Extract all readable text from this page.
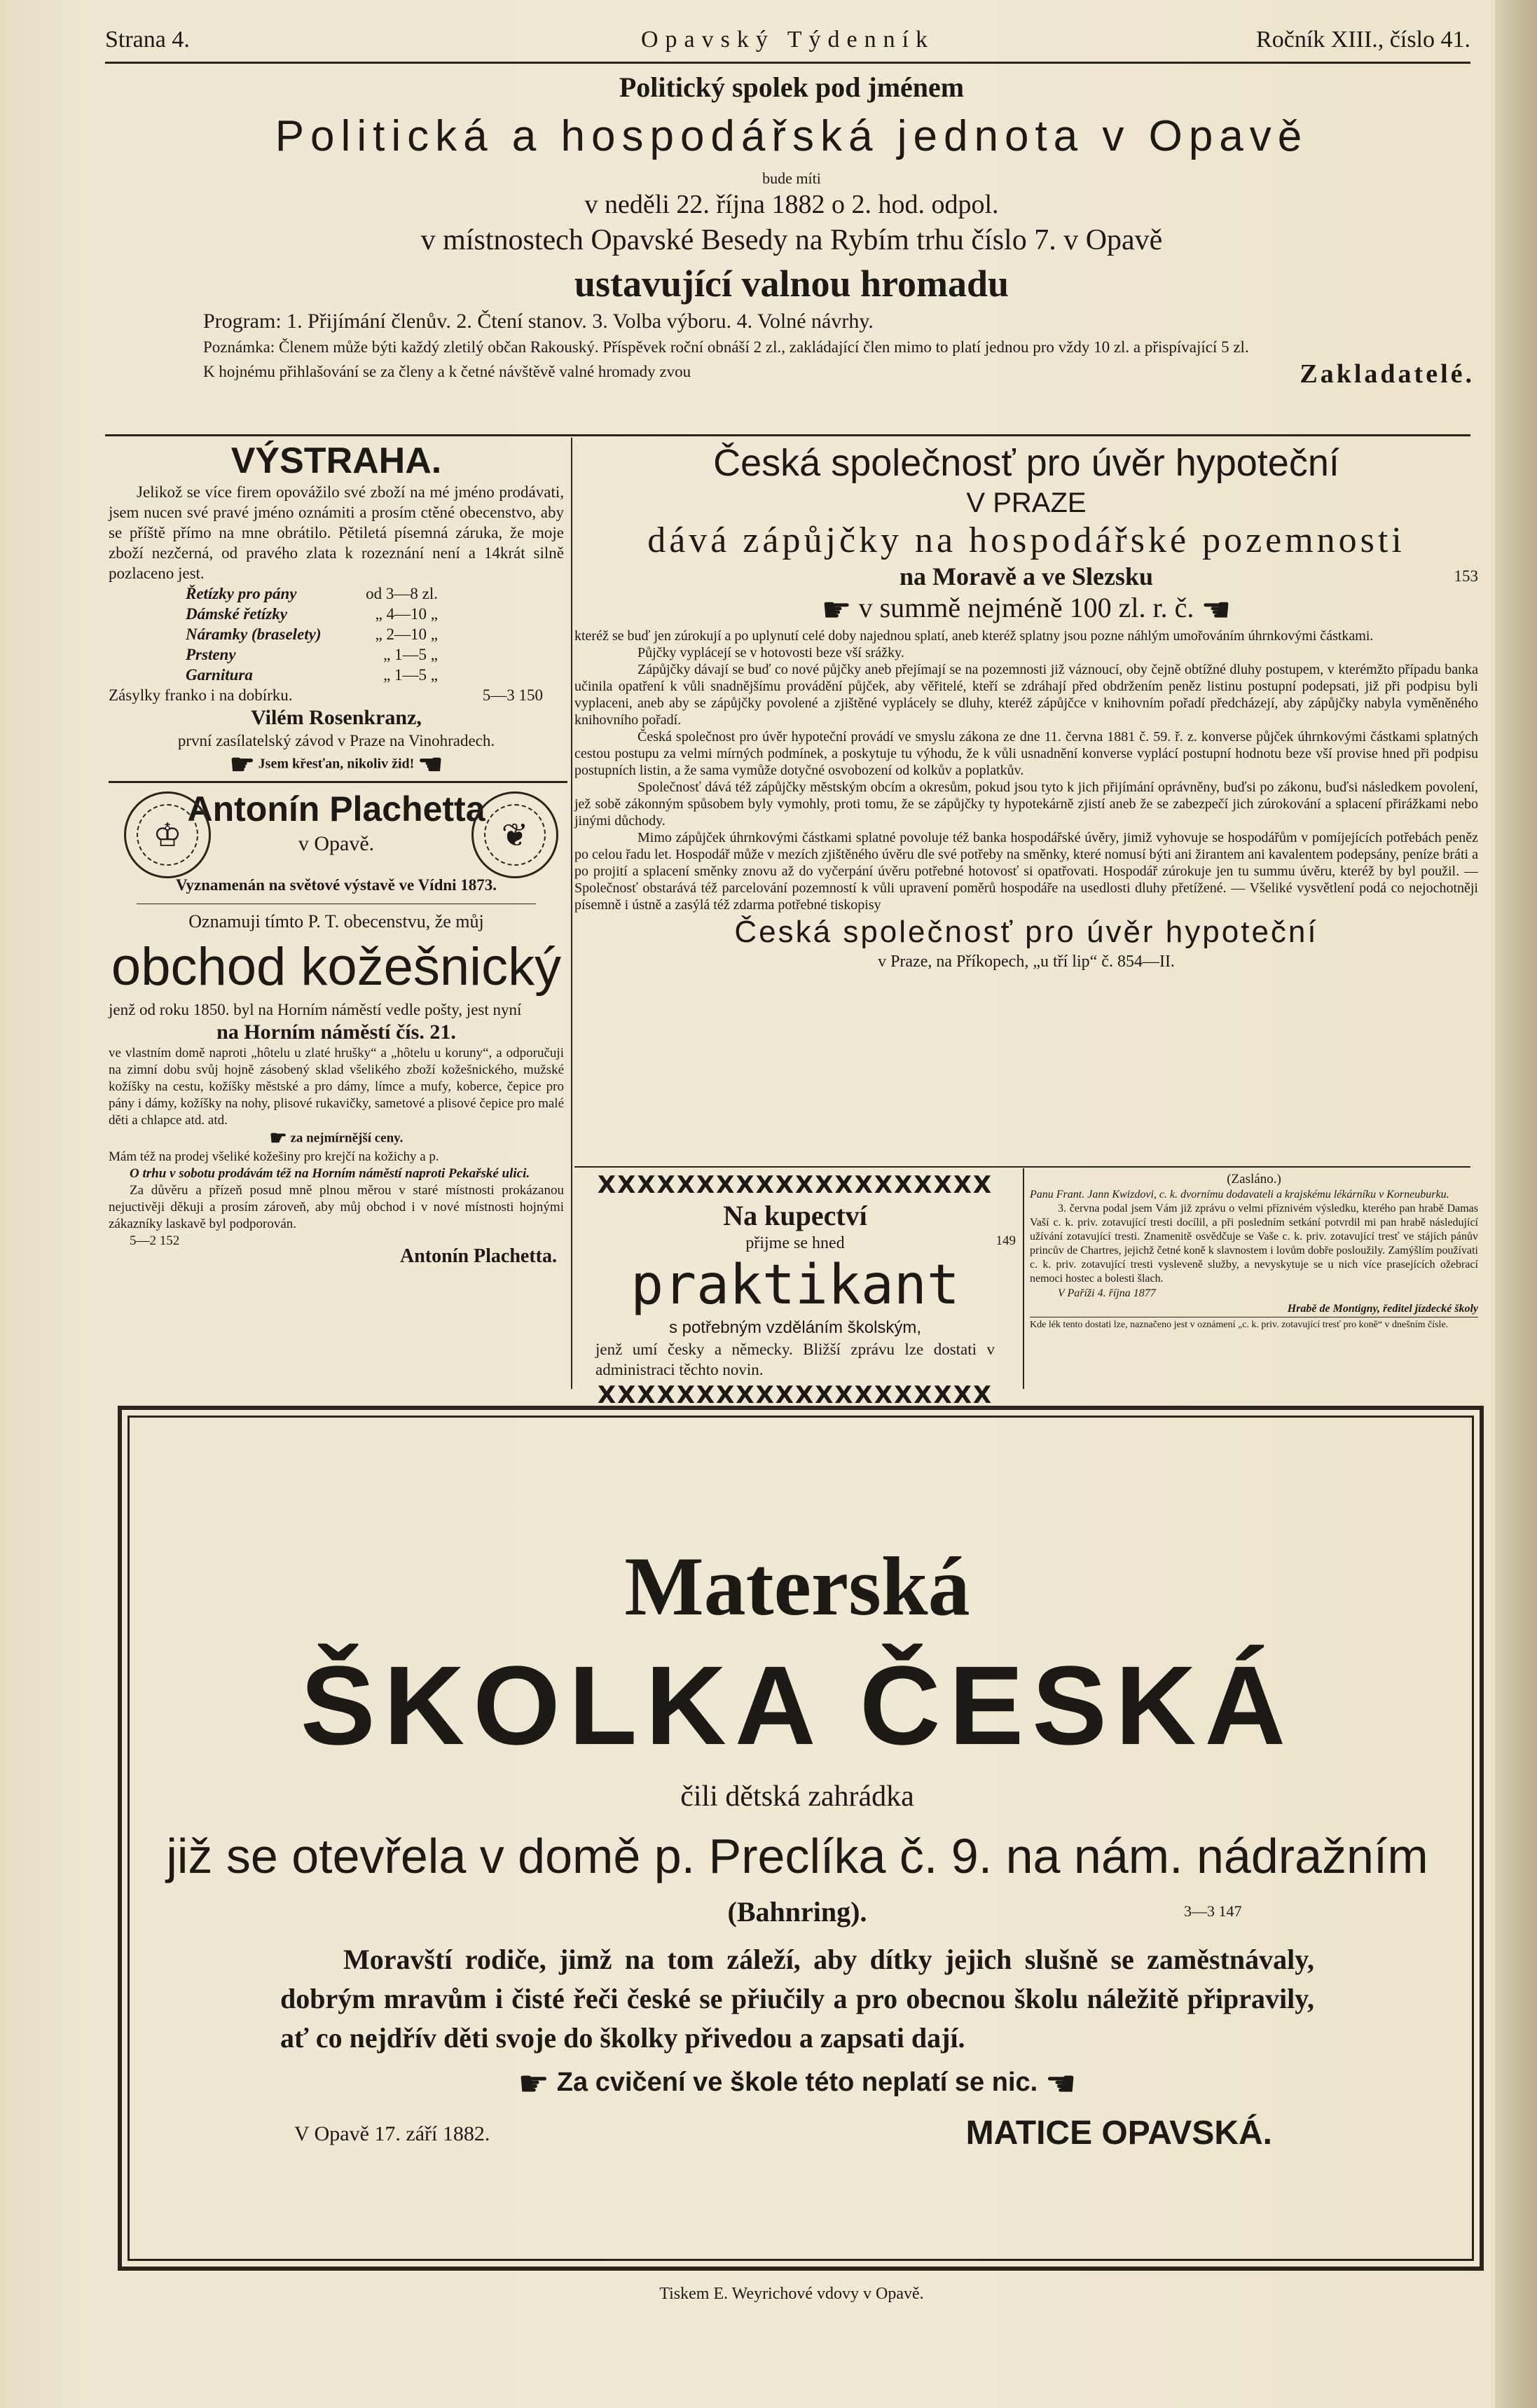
Strana 4.	Opavský Týdenník	Ročník XIII., číslo 41.
Politický spolek pod jménem
Politická a hospodářská jednota v Opavě
bude míti
v neděli 22. října 1882 o 2. hod. odpol.
v místnostech Opavské Besedy na Rybím trhu číslo 7. v Opavě
ustavující valnou hromadu
Program: 1. Přijímání členův. 2. Čtení stanov. 3. Volba výboru. 4. Volné návrhy.

Poznámka: Členem může býti každý zletilý občan Rakouský. Příspěvek roční obnáší 2 zl., zakládající člen mimo to platí jednou pro vždy 10 zl. a přispívající 5 zl.

K hojnému přihlašování se za členy a k četné návštěvě valné hromady zvou	Zakladatelé.
VÝSTRAHA.

Jelikož se více firem opovážilo své zboží na mé jméno prodávati, jsem nucen své pravé jméno oznámiti a prosím ctěné obecenstvo, aby se příště přímo na mne obrátilo. Pětiletá písemná záruka, že moje zboží nezčerná, od pravého zlata k rozeznání není a 14krát silně pozlaceno jest.

Řetízky pro pány	od 3—8 zl.
Dámské řetízky	„ 4—10 „
Náramky (braselety)	„ 2—10 „
Prsteny	„ 1—5 „
Garnitura	„ 1—5 „
Zásylky franko i na dobírku.	5—3 150
Vilém Rosenkranz,
první zasílatelský závod v Praze na Vinohradech.
☛ Jsem křesťan, nikoliv žid! ☚
♔	❦
Antonín Plachetta
v Opavě.
Vyznamenán na světové výstavě ve Vídni 1873.
Oznamuji tímto P. T. obecenstvu, že můj
obchod kožešnický

jenž od roku 1850. byl na Horním náměstí vedle pošty, jest nyní

na Horním náměstí čís. 21.

ve vlastním domě naproti „hôtelu u zlaté hrušky“ a „hôtelu u koruny“, a odporučuji na zimní dobu svůj hojně zásobený sklad všelikého zboží kožešnického, mužské kožíšky na cestu, kožíšky městské a pro dámy, límce a mufy, koberce, čepice pro pány i dámy, kožíšky na nohy, plisové rukavičky, sametové a plisové čepice pro malé děti a chlapce atd. atd.

☛ za nejmírnější ceny.

Mám též na prodej všeliké kožešiny pro krejčí na kožichy a p.

O trhu v sobotu prodávám též na Horním náměstí naproti Pekařské ulici.

Za důvěru a přízeň posud mně plnou měrou v staré místnosti prokázanou nejuctivěji děkuji a prosím zároveň, aby můj obchod i v nové místnosti hojnými zákazníky laskavě byl podporován.

5—2 152
Antonín Plachetta.
Česká společnosť pro úvěr hypoteční
V PRAZE
dává zápůjčky na hospodářské pozemnosti
na Moravě a ve Slezsku	153
☛ v summě nejméně 100 zl. r. č. ☚

kteréž se buď jen zúrokují a po uplynutí celé doby najednou splatí, aneb kteréž splatny jsou pozne náhlým umořováním úhrnkovými částkami.

Půjčky vyplácejí se v hotovosti beze vší srážky.

Zápůjčky dávají se buď co nové půjčky aneb přejímají se na pozemnosti již váznoucí, oby čejně obtížné dluhy postupem, v kterémžto případu banka učinila opatření k vůli snadnějšímu provádění půjček, aby věřitelé, kteří se zdráhají před obdržením peněz listinu postupní podepsati, již při podpisu byli vyplaceni, aneb aby se zápůjčky povolené a zjištěné vyplácely se dluhy, kteréž zápůjčce v knihovním pořadí předcházejí, aby zápůjčky nabyla vyměněného knihovního pořadí.

Česká společnost pro úvěr hypoteční provádí ve smyslu zákona ze dne 11. června 1881 č. 59. ř. z. konverse půjček úhrnkovými částkami splatných cestou postupu za velmi mírných podmínek, a poskytuje tu výhodu, že k vůli usnadnění konverse vyplácí postupní hodnotu beze vší provise hned při podpisu postupních listin, a že sama vymůže dotyčné osvobození od kolkův a poplatkův.

Společnosť dává též zápůjčky městským obcím a okresům, pokud jsou tyto k jich přijímání oprávněny, buďsi po zákonu, buďsi následkem povolení, jež sobě zákonným spůsobem byly vymohly, proti tomu, že se zápůjčky ty hypotekárně zjistí aneb že se zabezpečí jich zúrokování a splacení přirážkami nebo jinými důchody.

Mimo zápůjček úhrnkovými částkami splatné povoluje též banka hospodářské úvěry, jimiž vyhovuje se hospodářům v pomíjejících potřebách peněz po celou řadu let. Hospodář může v mezích zjištěného úvěru dle své potřeby na směnky, které nomusí býti ani žirantem ani kavalentem podepsány, peníze bráti a po projití a splacení směnky znovu až do vyčerpání úvěru potřebné hotovosť si opatřovati. Hospodář zúrokuje jen tu summu úvěru, kteréž by byl použil. — Společnosť obstarává též parcelování pozemností k vůli upravení poměrů hospodáře na usedlosti dluhy přetížené. — Všeliké vysvětlení podá co nejochotněji písemně i ústně a zasýlá též zdarma potřebné tiskopisy

Česká společnosť pro úvěr hypoteční
v Praze, na Příkopech, „u tří lip“ č. 854—II.
XXXXXXXXXXXXXXXXXXXX
Na kupectví
přijme se hned	149
praktikant
s potřebným vzděláním školským,

jenž umí česky a německy. Bližší zprávu lze dostati v administraci těchto novin.

XXXXXXXXXXXXXXXXXXXX
(Zasláno.)

Panu Frant. Jann Kwizdovi, c. k. dvornímu dodavateli a krajskému lékárníku v Korneuburku.

3. června podal jsem Vám již zprávu o velmi příznivém výsledku, kterého pan hrabě Damas Vaší c. k. priv. zotavující tresti docílil, a při posledním setkání potvrdil mi pan hrabě následující užívání zotavující tresti. Znamenitě osvědčuje se Vaše c. k. priv. zotavující tresť ve stájích pánův princův de Chartres, jejichž četné koně k slavnostem i lovům dobře posloužily. Zamýšlím používati c. k. priv. zotavující tresti vysleveně služby, a nevyskytuje se u nich více prasejících ožebrací nemoci hostec a bolesti šlach.

V Paříži 4. října 1877
Hrabě de Montigny, ředitel jízdecké školy

Kde lék tento dostati lze, naznačeno jest v oznámení „c. k. priv. zotavující tresť pro koně“ v dnešním čísle.

Materská
ŠKOLKA ČESKÁ
čili dětská zahrádka
již se otevřela v domě p. Preclíka č. 9. na nám. nádražním
(Bahnring).	3—3 147

Moravští rodiče, jimž na tom záleží, aby dítky jejich slušně se zaměstnávaly, dobrým mravům i čisté řeči české se přiučily a pro obecnou školu náležitě připravily, ať co nejdřív děti svoje do školky přivedou a zapsati dají.

☛ Za cvičení ve škole této neplatí se nic. ☚
V Opavě 17. září 1882.	MATICE OPAVSKÁ.
Tiskem E. Weyrichové vdovy v Opavě.
